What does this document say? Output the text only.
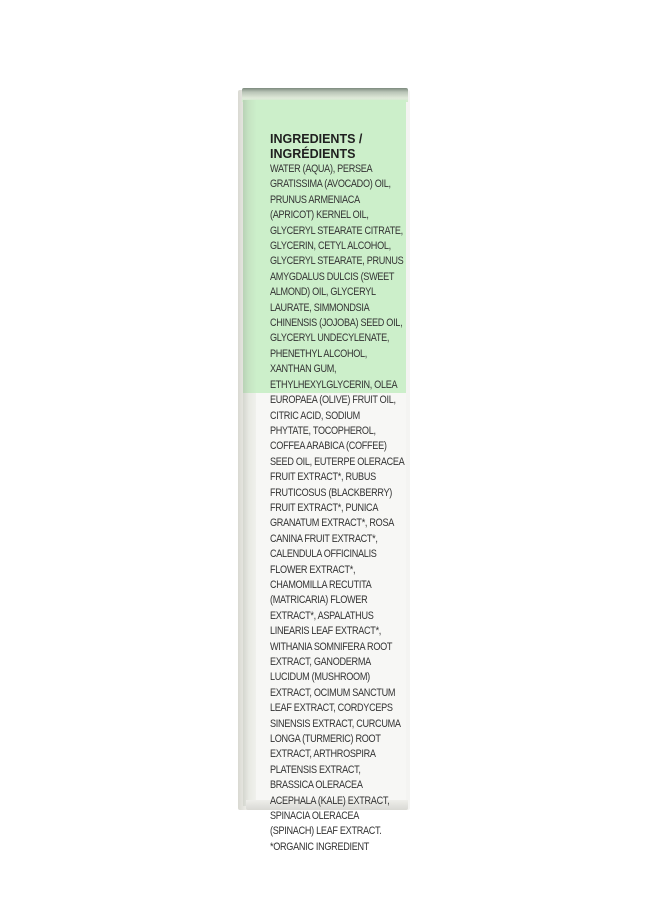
INGREDIENTS /
INGRÉDIENTS
WATER (AQUA), PERSEA
GRATISSIMA (AVOCADO) OIL,
PRUNUS ARMENIACA
(APRICOT) KERNEL OIL,
GLYCERYL STEARATE CITRATE,
GLYCERIN, CETYL ALCOHOL,
GLYCERYL STEARATE, PRUNUS
AMYGDALUS DULCIS (SWEET
ALMOND) OIL, GLYCERYL
LAURATE, SIMMONDSIA
CHINENSIS (JOJOBA) SEED OIL,
GLYCERYL UNDECYLENATE,
PHENETHYL ALCOHOL,
XANTHAN GUM,
ETHYLHEXYLGLYCERIN, OLEA
EUROPAEA (OLIVE) FRUIT OIL,
CITRIC ACID, SODIUM
PHYTATE, TOCOPHEROL,
COFFEA ARABICA (COFFEE)
SEED OIL, EUTERPE OLERACEA
FRUIT EXTRACT*, RUBUS
FRUTICOSUS (BLACKBERRY)
FRUIT EXTRACT*, PUNICA
GRANATUM EXTRACT*, ROSA
CANINA FRUIT EXTRACT*,
CALENDULA OFFICINALIS
FLOWER EXTRACT*,
CHAMOMILLA RECUTITA
(MATRICARIA) FLOWER
EXTRACT*, ASPALATHUS
LINEARIS LEAF EXTRACT*,
WITHANIA SOMNIFERA ROOT
EXTRACT, GANODERMA
LUCIDUM (MUSHROOM)
EXTRACT, OCIMUM SANCTUM
LEAF EXTRACT, CORDYCEPS
SINENSIS EXTRACT, CURCUMA
LONGA (TURMERIC) ROOT
EXTRACT, ARTHROSPIRA
PLATENSIS EXTRACT,
BRASSICA OLERACEA
ACEPHALA (KALE) EXTRACT,
SPINACIA OLERACEA
(SPINACH) LEAF EXTRACT.
*ORGANIC INGREDIENT
